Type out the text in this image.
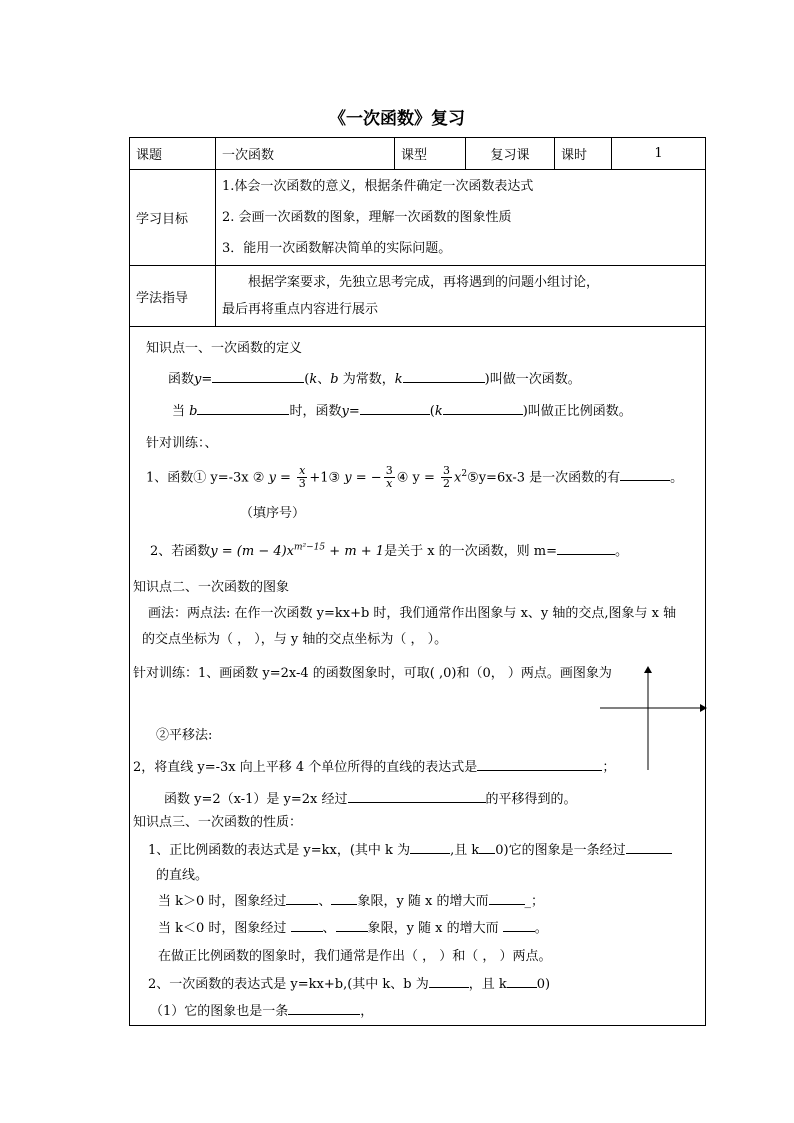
《一次函数》复习
课题	一次函数	课型	复习课	课时	1
学习目标	1.体会一次函数的意义，根据条件确定一次函数表达式
2. 会画一次函数的图象，理解一次函数的图象性质
3．能用一次函数解决简单的实际问题。				

学法指导	根据学案要求，先独立思考完成，再将遇到的问题小组讨论，
最后再将重点内容进行展示				
知识点一、一次函数的定义
函数y=	(k、b 为常数，k	)叫做一次函数。
当 b	时，函数y=	(k	)叫做正比例函数。
针对训练：、
1、函数① y=-3x ② $y = \frac{x}{3}$ +1③ y = − $\frac{3}{x}$ ④ $y = \frac{3}{2}$ $x^2⑤y=6x-3$ 是一次函数的有	。
（填序号）
2、若函数$y = (m - 4)x^{m^2-15} + m + 1$是关于 x 的一次函数，则 m=	。
知识点二、一次函数的图象
画法：两点法: 在作一次函数 y=kx+b 时，我们通常作出图象与 x、y 轴的交点,图象与 x 轴
的交点坐标为（ ， ），与 y 轴的交点坐标为（ ， ）。
针对训练：1、画函数 y=2x-4 的函数图象时，可取( ,0)和（0， ）两点。画图象为
②平移法:
2，将直线 y=-3x 向上平移 4 个单位所得的直线的表达式是	；
函数 y=2（x-1）是 y=2x 经过	的平移得到的。
知识点三、一次函数的性质：
1、正比例函数的表达式是 y=kx，(其中 k 为	,且 k 0)它的图象是一条经过
的直线。
当 k＞0 时，图象经过 、 象限，y 随 x 的增大而	_；
当 k＜0 时，图象经过 、 象限，y 随 x 的增大而 。
在做正比例函数的图象时，我们通常是作出（ ， ）和（ ， ）两点。
2、一次函数的表达式是 y=kx+b,(其中 k、b 为	，且 k 0)
（1）它的图象也是一条	，
